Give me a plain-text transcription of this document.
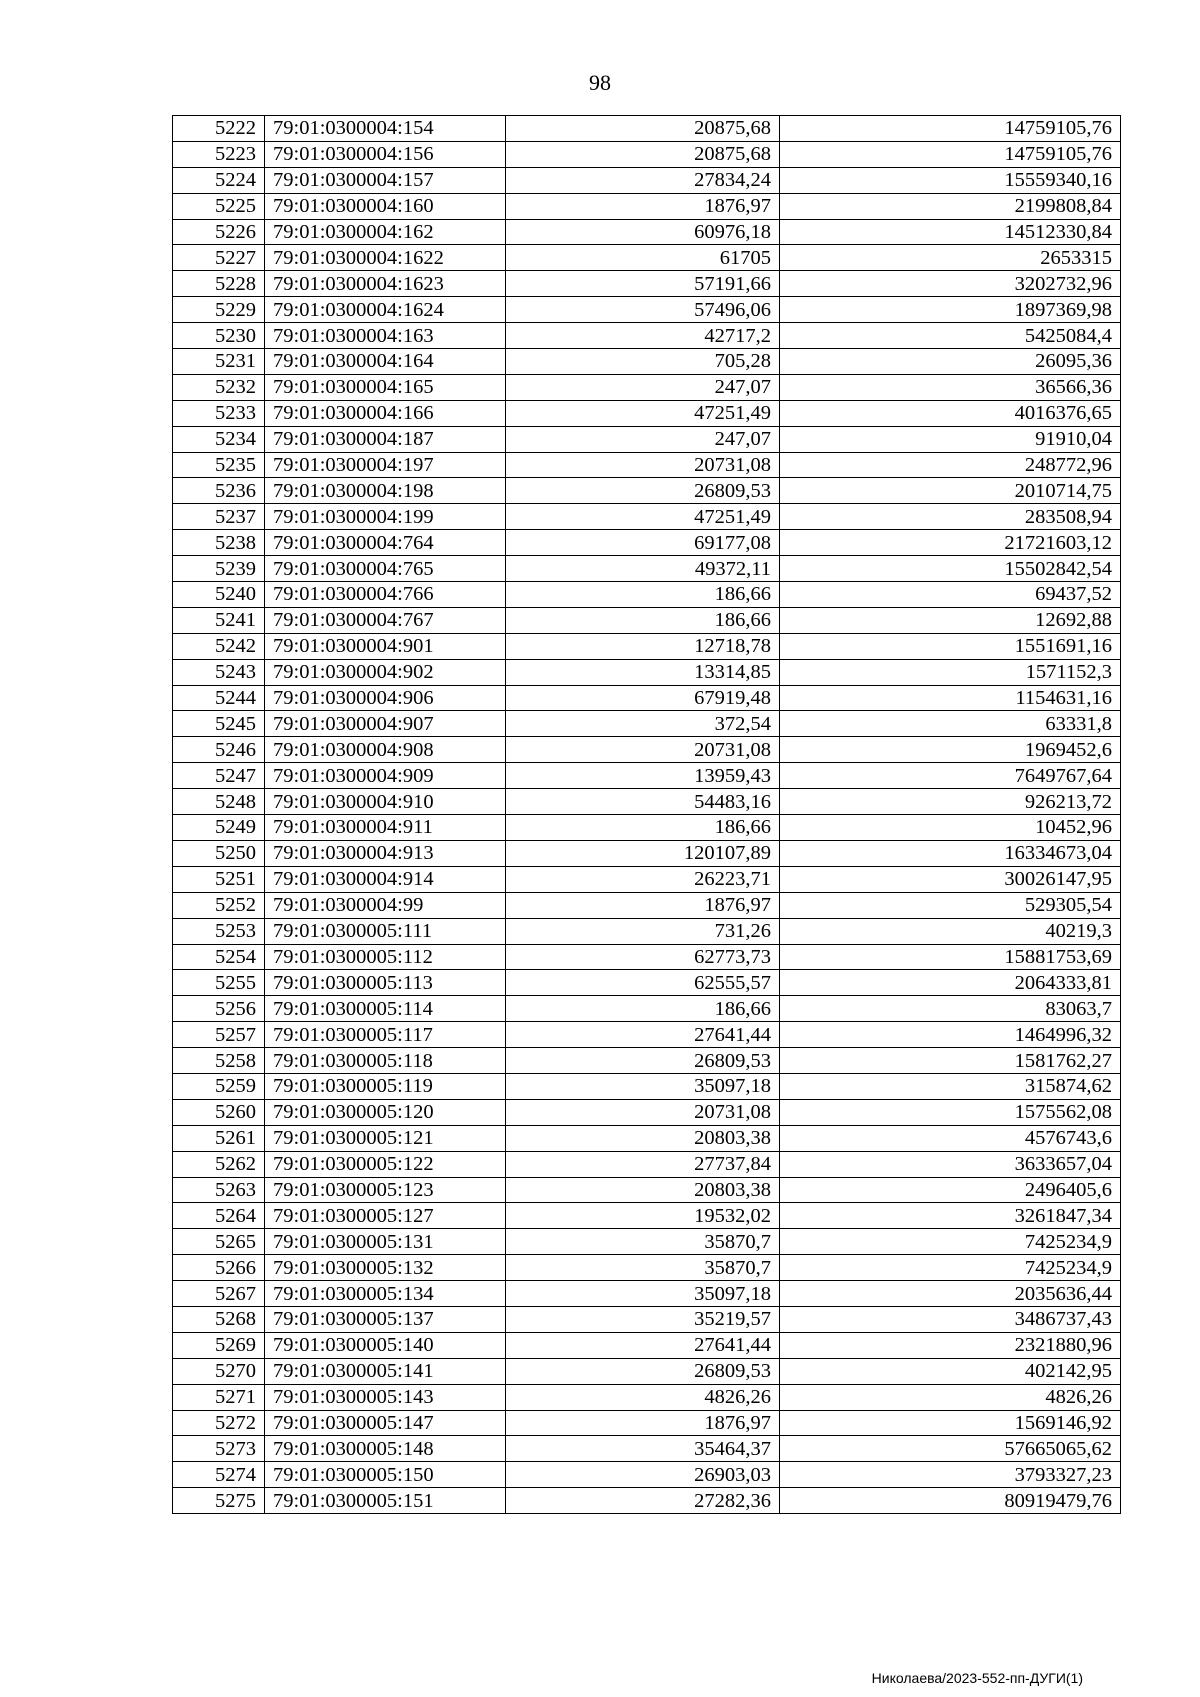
98
5222	79:01:0300004:154	20875,68	14759105,76
5223	79:01:0300004:156	20875,68	14759105,76
5224	79:01:0300004:157	27834,24	15559340,16
5225	79:01:0300004:160	1876,97	2199808,84
5226	79:01:0300004:162	60976,18	14512330,84
5227	79:01:0300004:1622	61705	2653315
5228	79:01:0300004:1623	57191,66	3202732,96
5229	79:01:0300004:1624	57496,06	1897369,98
5230	79:01:0300004:163	42717,2	5425084,4
5231	79:01:0300004:164	705,28	26095,36
5232	79:01:0300004:165	247,07	36566,36
5233	79:01:0300004:166	47251,49	4016376,65
5234	79:01:0300004:187	247,07	91910,04
5235	79:01:0300004:197	20731,08	248772,96
5236	79:01:0300004:198	26809,53	2010714,75
5237	79:01:0300004:199	47251,49	283508,94
5238	79:01:0300004:764	69177,08	21721603,12
5239	79:01:0300004:765	49372,11	15502842,54
5240	79:01:0300004:766	186,66	69437,52
5241	79:01:0300004:767	186,66	12692,88
5242	79:01:0300004:901	12718,78	1551691,16
5243	79:01:0300004:902	13314,85	1571152,3
5244	79:01:0300004:906	67919,48	1154631,16
5245	79:01:0300004:907	372,54	63331,8
5246	79:01:0300004:908	20731,08	1969452,6
5247	79:01:0300004:909	13959,43	7649767,64
5248	79:01:0300004:910	54483,16	926213,72
5249	79:01:0300004:911	186,66	10452,96
5250	79:01:0300004:913	120107,89	16334673,04
5251	79:01:0300004:914	26223,71	30026147,95
5252	79:01:0300004:99	1876,97	529305,54
5253	79:01:0300005:111	731,26	40219,3
5254	79:01:0300005:112	62773,73	15881753,69
5255	79:01:0300005:113	62555,57	2064333,81
5256	79:01:0300005:114	186,66	83063,7
5257	79:01:0300005:117	27641,44	1464996,32
5258	79:01:0300005:118	26809,53	1581762,27
5259	79:01:0300005:119	35097,18	315874,62
5260	79:01:0300005:120	20731,08	1575562,08
5261	79:01:0300005:121	20803,38	4576743,6
5262	79:01:0300005:122	27737,84	3633657,04
5263	79:01:0300005:123	20803,38	2496405,6
5264	79:01:0300005:127	19532,02	3261847,34
5265	79:01:0300005:131	35870,7	7425234,9
5266	79:01:0300005:132	35870,7	7425234,9
5267	79:01:0300005:134	35097,18	2035636,44
5268	79:01:0300005:137	35219,57	3486737,43
5269	79:01:0300005:140	27641,44	2321880,96
5270	79:01:0300005:141	26809,53	402142,95
5271	79:01:0300005:143	4826,26	4826,26
5272	79:01:0300005:147	1876,97	1569146,92
5273	79:01:0300005:148	35464,37	57665065,62
5274	79:01:0300005:150	26903,03	3793327,23
5275	79:01:0300005:151	27282,36	80919479,76
Николаева/2023-552-пп-ДУГИ(1)
